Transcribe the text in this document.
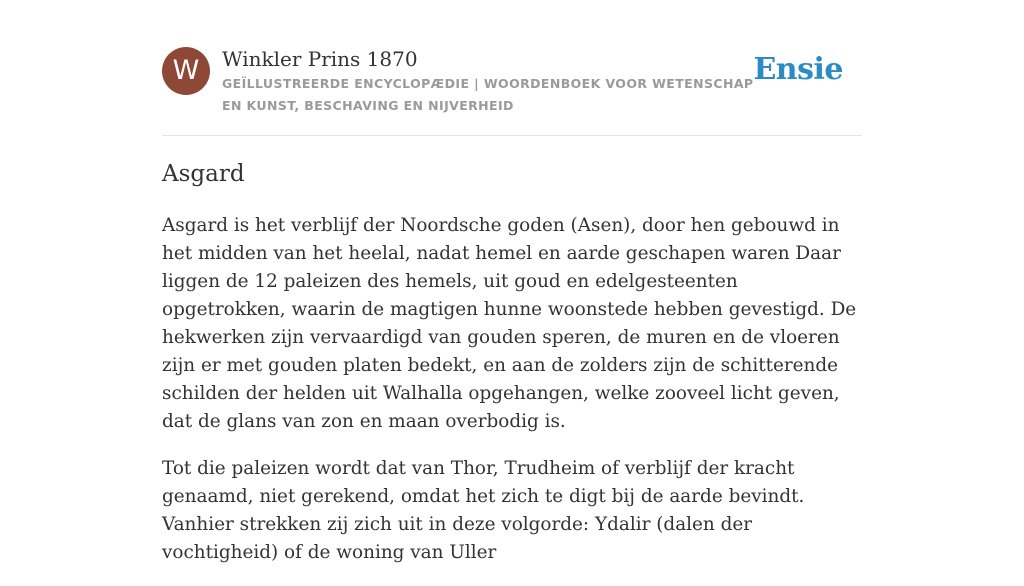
W	Winkler Prins 1870
GEÏLLUSTREERDE ENCYCLOPÆDIE | WOORDENBOEK VOOR WETENSCHAP EN KUNST, BESCHAVING EN NIJVERHEID
Ensie
Asgard

Asgard is het verblijf der Noordsche goden (Asen), door hen gebouwd in het midden van het heelal, nadat hemel en aarde geschapen waren Daar liggen de 12 paleizen des hemels, uit goud en edelgesteenten opgetrokken, waarin de magtigen hunne woonstede hebben gevestigd. De hekwerken zijn vervaardigd van gouden speren, de muren en de vloeren zijn er met gouden platen bedekt, en aan de zolders zijn de schitterende schilden der helden uit Walhalla opgehangen, welke zooveel licht geven, dat de glans van zon en maan overbodig is.

Tot die paleizen wordt dat van Thor, Trudheim of verblijf der kracht genaamd, niet gerekend, omdat het zich te digt bij de aarde bevindt. Vanhier strekken zij zich uit in deze volgorde: Ydalir (dalen der vochtigheid) of de woning van Uller
